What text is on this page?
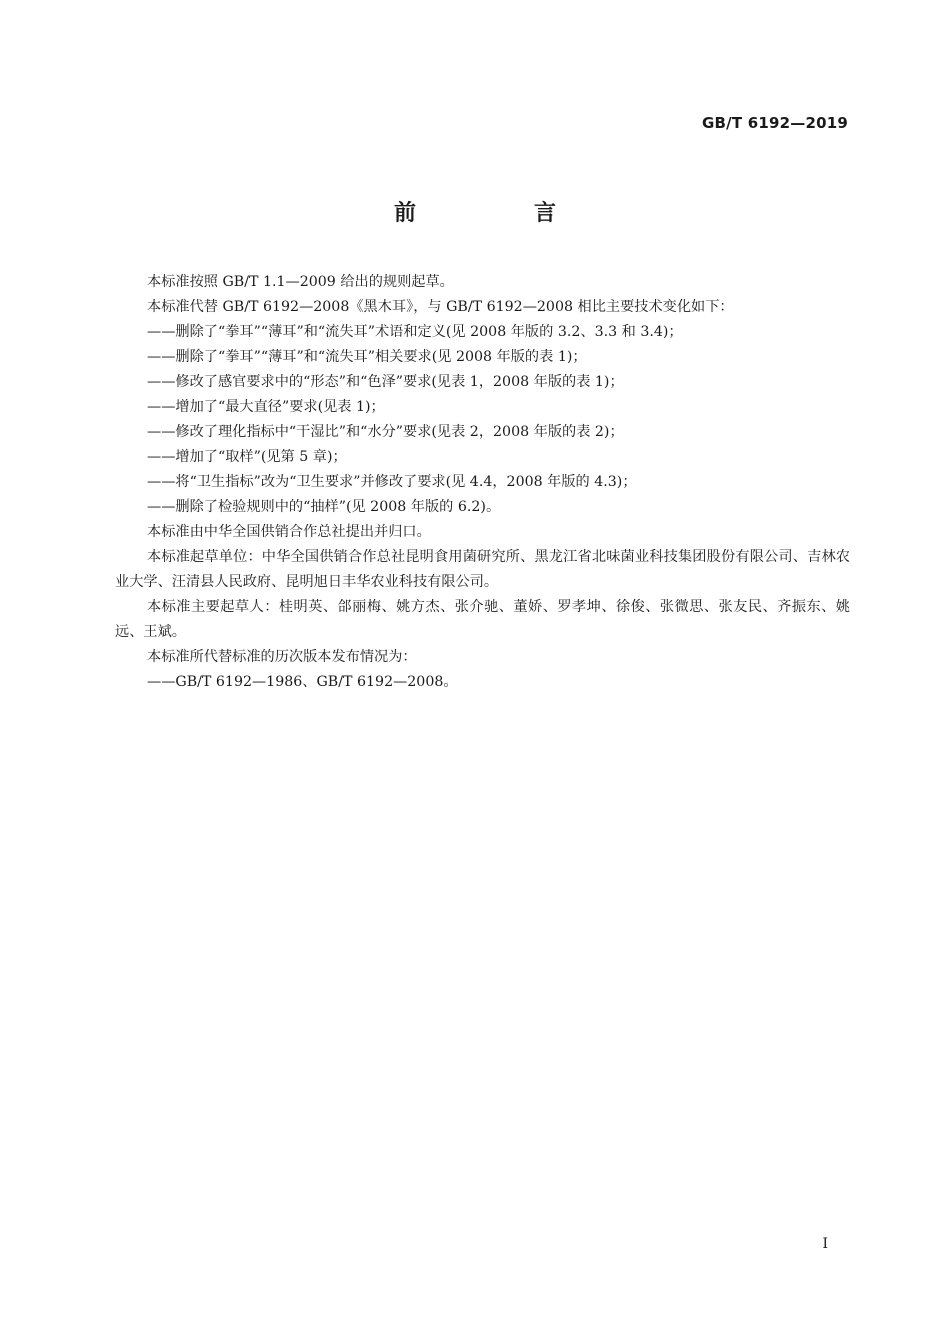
GB/T 6192—2019
前　言

本标准按照 GB/T 1.1—2009 给出的规则起草。

本标准代替 GB/T 6192—2008《黑木耳》，与 GB/T 6192—2008 相比主要技术变化如下：

——删除了“拳耳”“薄耳”和“流失耳”术语和定义(见 2008 年版的 3.2、3.3 和 3.4)；

——删除了“拳耳”“薄耳”和“流失耳”相关要求(见 2008 年版的表 1)；

——修改了感官要求中的“形态”和“色泽”要求(见表 1，2008 年版的表 1)；

——增加了“最大直径”要求(见表 1)；

——修改了理化指标中“干湿比”和“水分”要求(见表 2，2008 年版的表 2)；

——增加了“取样”(见第 5 章)；

——将“卫生指标”改为“卫生要求”并修改了要求(见 4.4，2008 年版的 4.3)；

——删除了检验规则中的“抽样”(见 2008 年版的 6.2)。

本标准由中华全国供销合作总社提出并归口。

本标准起草单位：中华全国供销合作总社昆明食用菌研究所、黑龙江省北味菌业科技集团股份有限公司、吉林农业大学、汪清县人民政府、昆明旭日丰华农业科技有限公司。

本标准主要起草人：桂明英、郃丽梅、姚方杰、张介驰、董娇、罗孝坤、徐俊、张微思、张友民、齐振东、姚远、王斌。

本标准所代替标准的历次版本发布情况为：

——GB/T 6192—1986、GB/T 6192—2008。

I
